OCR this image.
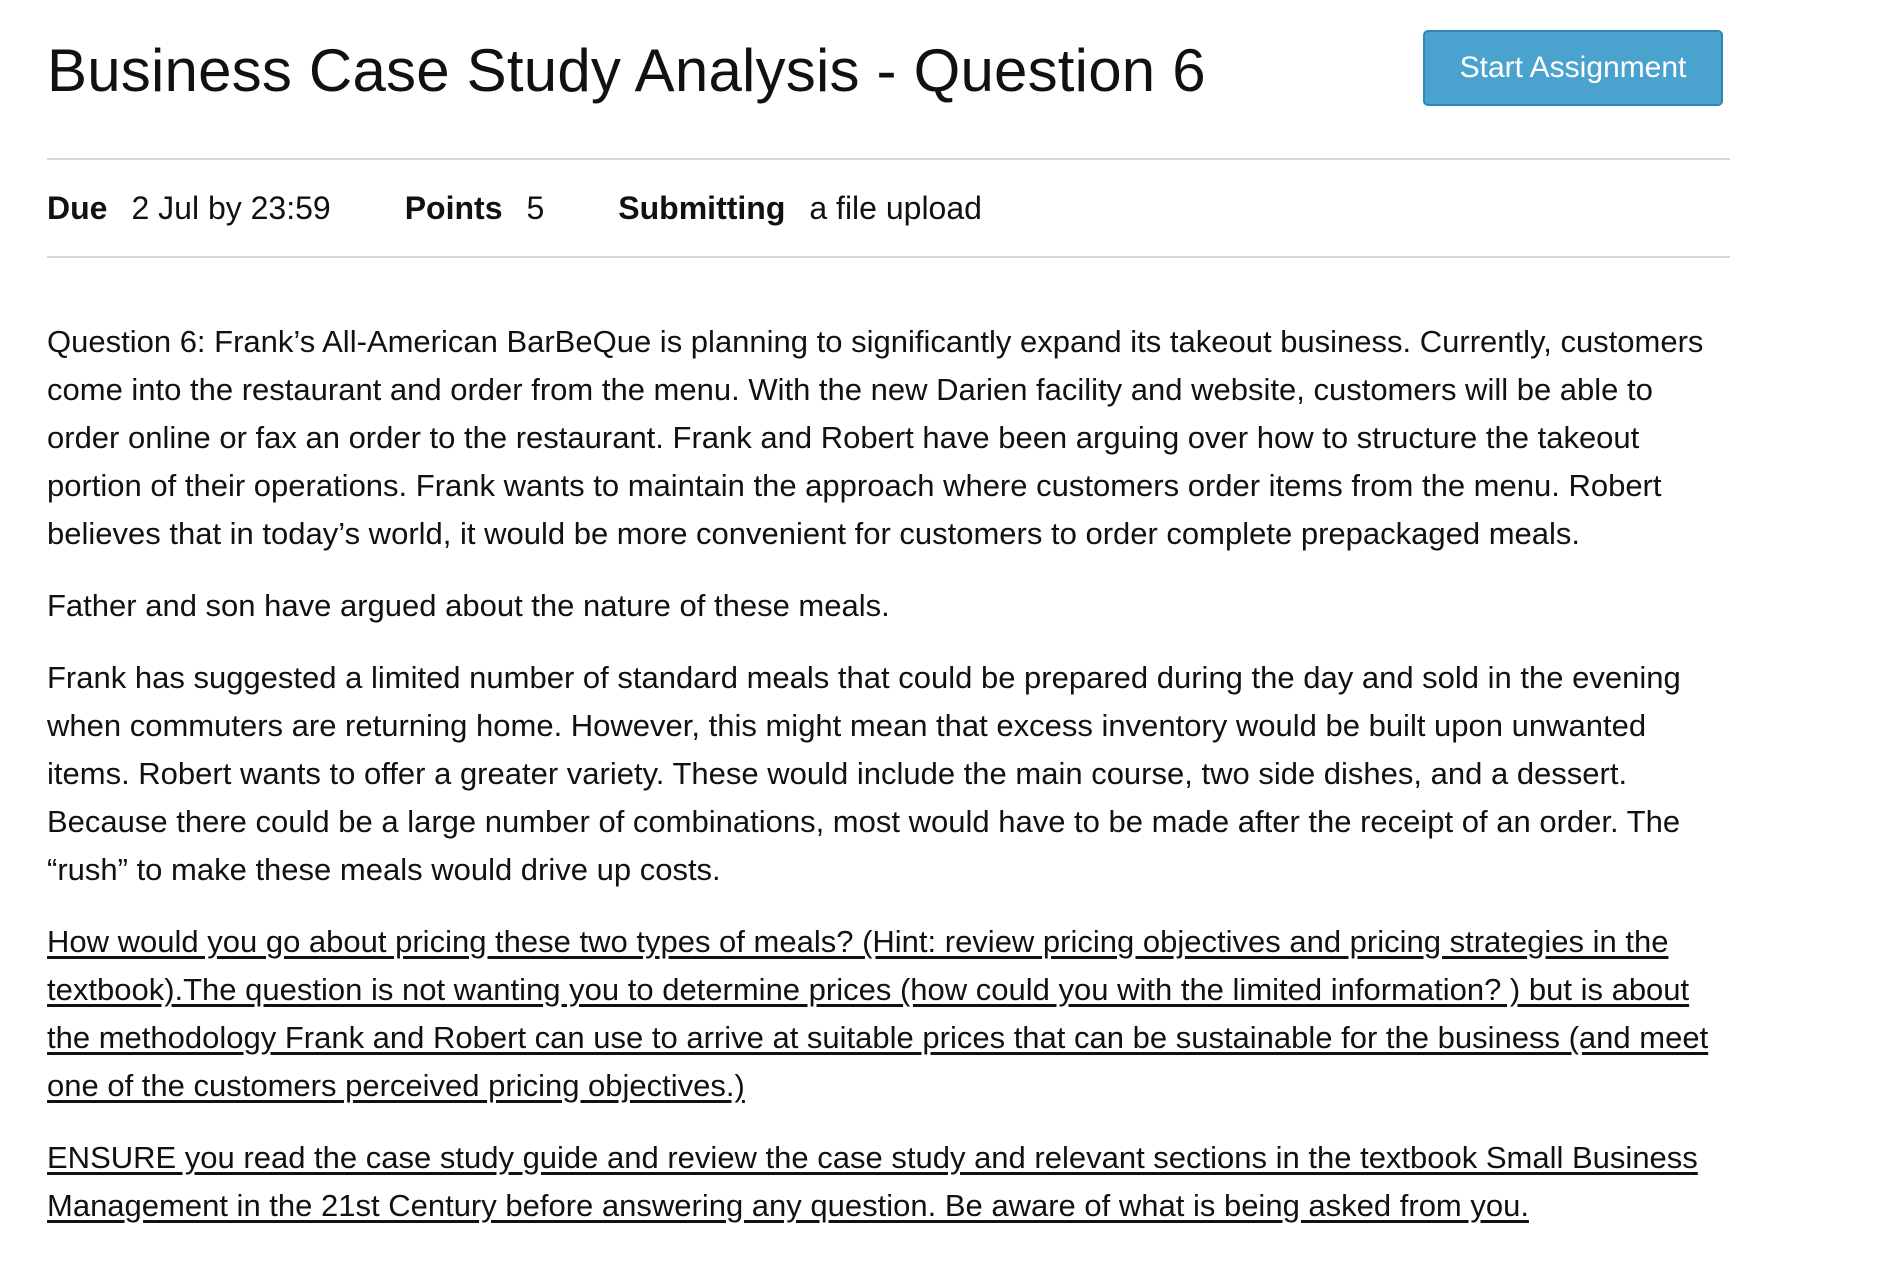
Business Case Study Analysis - Question 6	Start Assignment
Due 2 Jul by 23:59 Points 5 Submitting a file upload

Question 6: Frank’s All-American BarBeQue is planning to significantly expand its takeout business. Currently, customers come into the restaurant and order from the menu. With the new Darien facility and website, customers will be able to order online or fax an order to the restaurant. Frank and Robert have been arguing over how to structure the takeout portion of their operations. Frank wants to maintain the approach where customers order items from the menu. Robert believes that in today’s world, it would be more convenient for customers to order complete prepackaged meals.

Father and son have argued about the nature of these meals.

Frank has suggested a limited number of standard meals that could be prepared during the day and sold in the evening when commuters are returning home. However, this might mean that excess inventory would be built upon unwanted items. Robert wants to offer a greater variety. These would include the main course, two side dishes, and a dessert. Because there could be a large number of combinations, most would have to be made after the receipt of an order. The “rush” to make these meals would drive up costs.

How would you go about pricing these two types of meals? (Hint: review pricing objectives and pricing strategies in the textbook).The question is not wanting you to determine prices (how could you with the limited information? ) but is about the methodology Frank and Robert can use to arrive at suitable prices that can be sustainable for the business (and meet one of the customers perceived pricing objectives.)

ENSURE you read the case study guide and review the case study and relevant sections in the textbook Small Business Management in the 21st Century before answering any question. Be aware of what is being asked from you.
